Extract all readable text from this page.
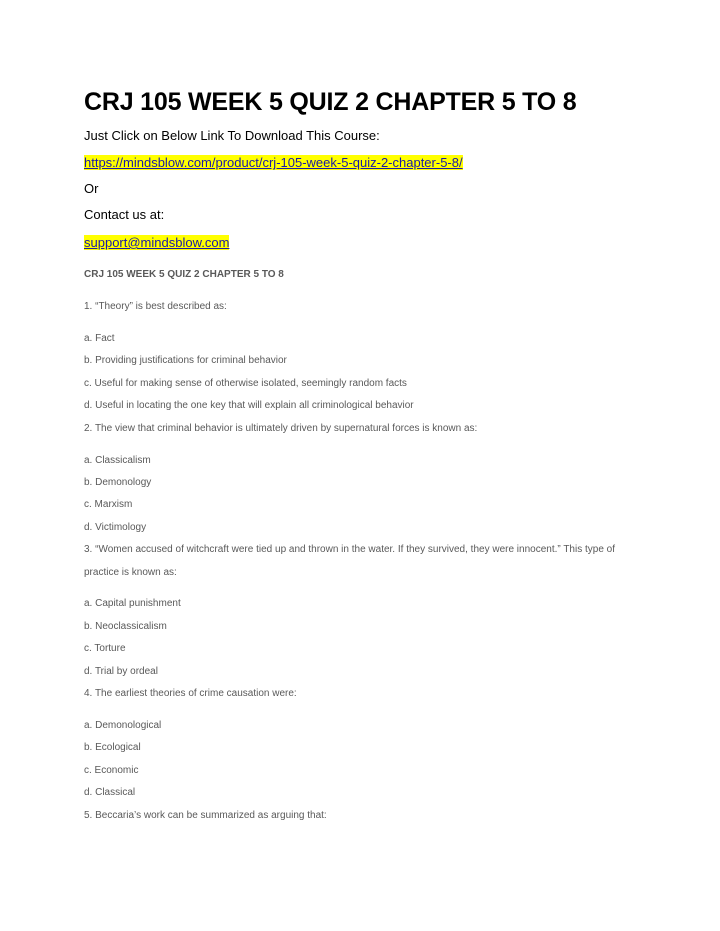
CRJ 105 WEEK 5 QUIZ 2 CHAPTER 5 TO 8
Just Click on Below Link To Download This Course:
https://mindsblow.com/product/crj-105-week-5-quiz-2-chapter-5-8/
Or
Contact us at:
support@mindsblow.com
CRJ 105 WEEK 5 QUIZ 2 CHAPTER 5 TO 8
1. “Theory” is best described as:
a. Fact
b. Providing justifications for criminal behavior
c. Useful for making sense of otherwise isolated, seemingly random facts
d. Useful in locating the one key that will explain all criminological behavior
2. The view that criminal behavior is ultimately driven by supernatural forces is known as:
a. Classicalism
b. Demonology
c. Marxism
d. Victimology
3. “Women accused of witchcraft were tied up and thrown in the water. If they survived, they were innocent.” This type of practice is known as:
a. Capital punishment
b. Neoclassicalism
c. Torture
d. Trial by ordeal
4. The earliest theories of crime causation were:
a. Demonological
b. Ecological
c. Economic
d. Classical
5. Beccaria’s work can be summarized as arguing that:
